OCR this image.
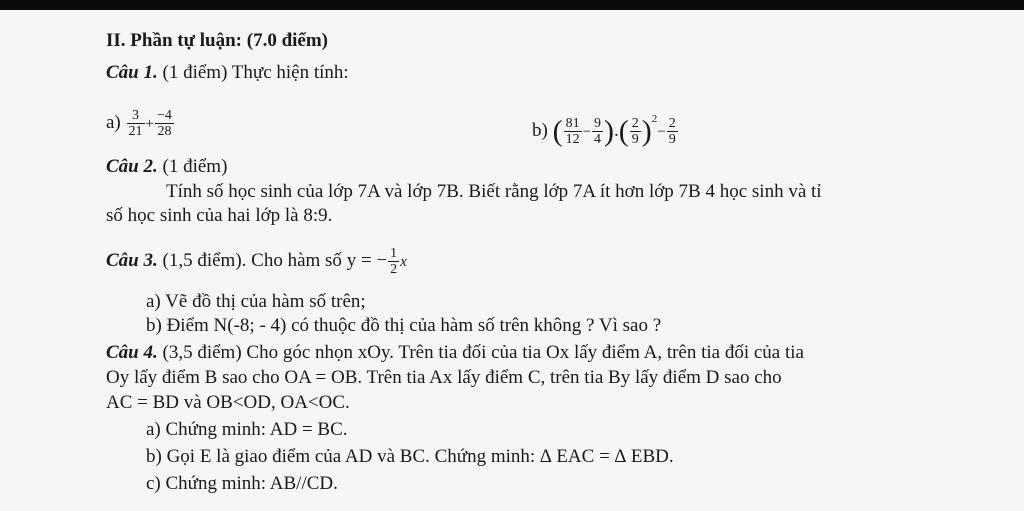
II. Phần tự luận: (7.0 điểm)
Câu 1. (1 điểm) Thực hiện tính:
$a) \frac{3}{21} + \frac{-4}{28}$	b) ( $\frac{81}{12} - \frac{9}{4}$ ).( $\frac{2}{9} )^2- \frac{2}{9}$
Câu 2. (1 điểm)
Tính số học sinh của lớp 7A và lớp 7B. Biết rằng lớp 7A ít hơn lớp 7B 4 học sinh và tỉ
số học sinh của hai lớp là 8:9.
Câu 3. (1,5 điểm). Cho hàm số y = − $\frac{1}{2}$ x
a) Vẽ đồ thị của hàm số trên;
b) Điểm N(-8; - 4) có thuộc đồ thị của hàm số trên không ? Vì sao ?
Câu 4. (3,5 điểm) Cho góc nhọn xOy. Trên tia đối của tia Ox lấy điểm A, trên tia đối của tia
Oy lấy điểm B sao cho OA = OB. Trên tia Ax lấy điểm C, trên tia By lấy điểm D sao cho
AC = BD và OB<OD, OA<OC.
a) Chứng minh: AD = BC.
b) Gọi E là giao điểm của AD và BC. Chứng minh: ∆ EAC = ∆ EBD.
c) Chứng minh: AB//CD.
